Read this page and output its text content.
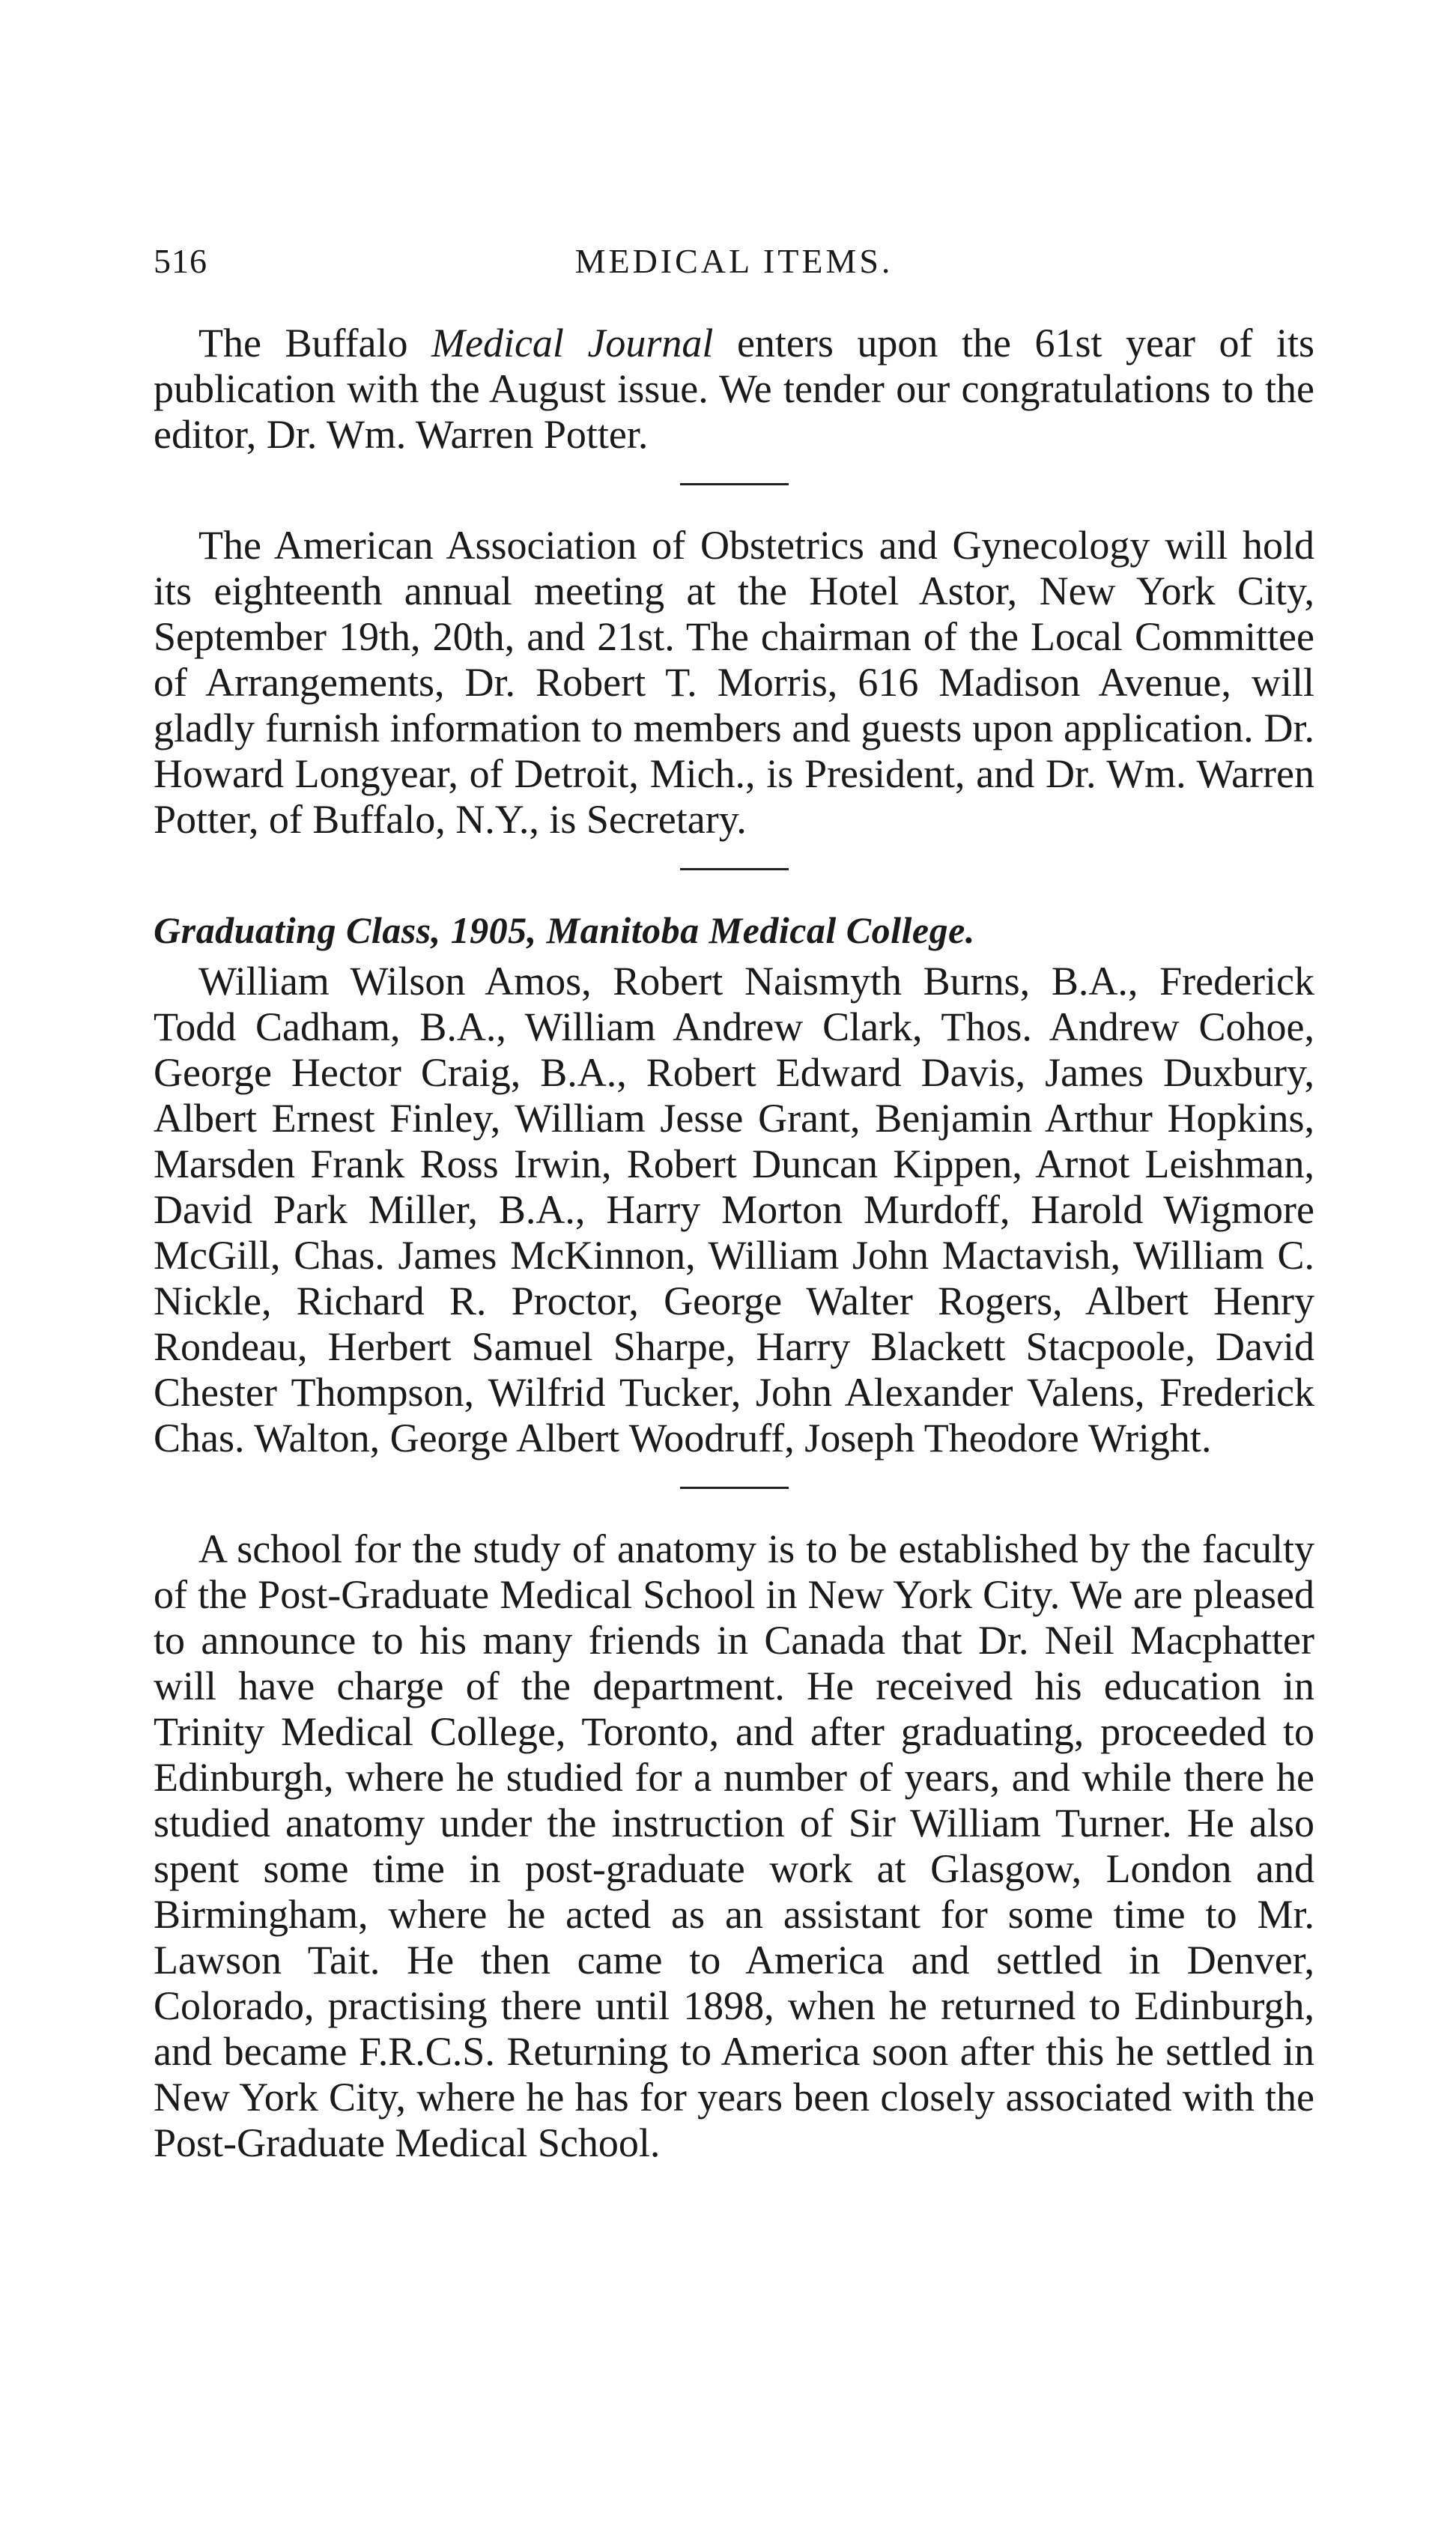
516	MEDICAL ITEMS.

The Buffalo Medical Journal enters upon the 61st year of its publication with the August issue. We tender our congratulations to the editor, Dr. Wm. Warren Potter.

The American Association of Obstetrics and Gynecology will hold its eighteenth annual meeting at the Hotel Astor, New York City, September 19th, 20th, and 21st. The chairman of the Local Committee of Arrangements, Dr. Robert T. Morris, 616 Madison Avenue, will gladly furnish information to members and guests upon application. Dr. Howard Longyear, of Detroit, Mich., is President, and Dr. Wm. Warren Potter, of Buffalo, N.Y., is Secretary.

Graduating Class, 1905, Manitoba Medical College.

William Wilson Amos, Robert Naismyth Burns, B.A., Frederick Todd Cadham, B.A., William Andrew Clark, Thos. Andrew Cohoe, George Hector Craig, B.A., Robert Edward Davis, James Duxbury, Albert Ernest Finley, William Jesse Grant, Benjamin Arthur Hopkins, Marsden Frank Ross Irwin, Robert Duncan Kippen, Arnot Leishman, David Park Miller, B.A., Harry Morton Murdoff, Harold Wigmore McGill, Chas. James McKinnon, William John Mactavish, William C. Nickle, Richard R. Proctor, George Walter Rogers, Albert Henry Rondeau, Herbert Samuel Sharpe, Harry Blackett Stacpoole, David Chester Thompson, Wilfrid Tucker, John Alexander Valens, Frederick Chas. Walton, George Albert Woodruff, Joseph Theodore Wright.

A school for the study of anatomy is to be established by the faculty of the Post-Graduate Medical School in New York City. We are pleased to announce to his many friends in Canada that Dr. Neil Macphatter will have charge of the department. He received his education in Trinity Medical College, Toronto, and after graduating, proceeded to Edinburgh, where he studied for a number of years, and while there he studied anatomy under the instruction of Sir William Turner. He also spent some time in post-graduate work at Glasgow, London and Birmingham, where he acted as an assistant for some time to Mr. Lawson Tait. He then came to America and settled in Denver, Colorado, practising there until 1898, when he returned to Edinburgh, and became F.R.C.S. Returning to America soon after this he settled in New York City, where he has for years been closely associated with the Post-Graduate Medical School.
